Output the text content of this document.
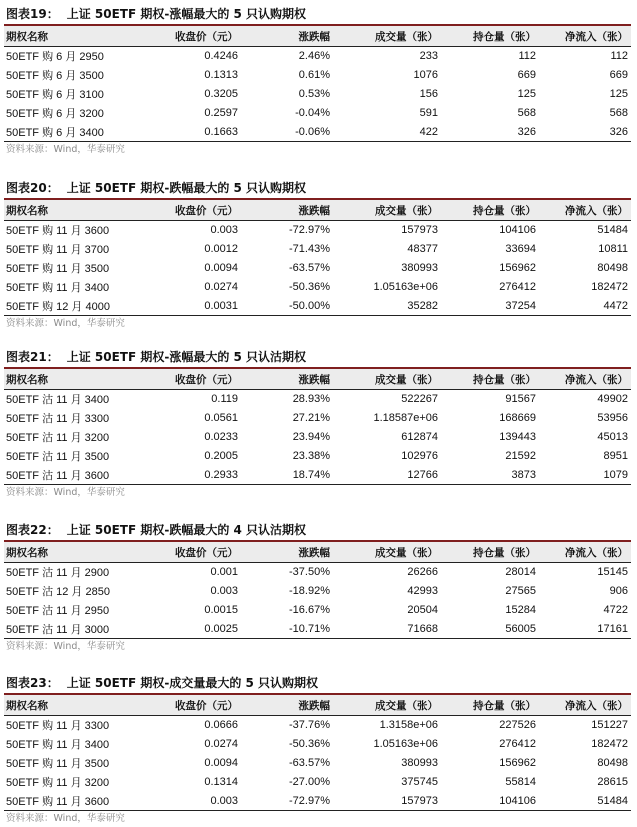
图表19： 上证 50ETF 期权-涨幅最大的 5 只认购期权
期权名称	收盘价（元）	涨跌幅	成交量（张）	持仓量（张）	净流入（张）
50ETF 购 6 月 2950	0.4246	2.46%	233	112	112
50ETF 购 6 月 3500	0.1313	0.61%	1076	669	669
50ETF 购 6 月 3100	0.3205	0.53%	156	125	125
50ETF 购 6 月 3200	0.2597	-0.04%	591	568	568
50ETF 购 6 月 3400	0.1663	-0.06%	422	326	326
资料来源：Wind，华泰研究
图表20： 上证 50ETF 期权-跌幅最大的 5 只认购期权
期权名称	收盘价（元）	涨跌幅	成交量（张）	持仓量（张）	净流入（张）
50ETF 购 11 月 3600	0.003	-72.97%	157973	104106	51484
50ETF 购 11 月 3700	0.0012	-71.43%	48377	33694	10811
50ETF 购 11 月 3500	0.0094	-63.57%	380993	156962	80498
50ETF 购 11 月 3400	0.0274	-50.36%	1.05163e+06	276412	182472
50ETF 购 12 月 4000	0.0031	-50.00%	35282	37254	4472
资料来源：Wind，华泰研究
图表21： 上证 50ETF 期权-涨幅最大的 5 只认沽期权
期权名称	收盘价（元）	涨跌幅	成交量（张）	持仓量（张）	净流入（张）
50ETF 沽 11 月 3400	0.119	28.93%	522267	91567	49902
50ETF 沽 11 月 3300	0.0561	27.21%	1.18587e+06	168669	53956
50ETF 沽 11 月 3200	0.0233	23.94%	612874	139443	45013
50ETF 沽 11 月 3500	0.2005	23.38%	102976	21592	8951
50ETF 沽 11 月 3600	0.2933	18.74%	12766	3873	1079
资料来源：Wind，华泰研究
图表22： 上证 50ETF 期权-跌幅最大的 4 只认沽期权
期权名称	收盘价（元）	涨跌幅	成交量（张）	持仓量（张）	净流入（张）
50ETF 沽 11 月 2900	0.001	-37.50%	26266	28014	15145
50ETF 沽 12 月 2850	0.003	-18.92%	42993	27565	906
50ETF 沽 11 月 2950	0.0015	-16.67%	20504	15284	4722
50ETF 沽 11 月 3000	0.0025	-10.71%	71668	56005	17161
资料来源：Wind，华泰研究
图表23： 上证 50ETF 期权-成交量最大的 5 只认购期权
期权名称	收盘价（元）	涨跌幅	成交量（张）	持仓量（张）	净流入（张）
50ETF 购 11 月 3300	0.0666	-37.76%	1.3158e+06	227526	151227
50ETF 购 11 月 3400	0.0274	-50.36%	1.05163e+06	276412	182472
50ETF 购 11 月 3500	0.0094	-63.57%	380993	156962	80498
50ETF 购 11 月 3200	0.1314	-27.00%	375745	55814	28615
50ETF 购 11 月 3600	0.003	-72.97%	157973	104106	51484
资料来源：Wind，华泰研究
